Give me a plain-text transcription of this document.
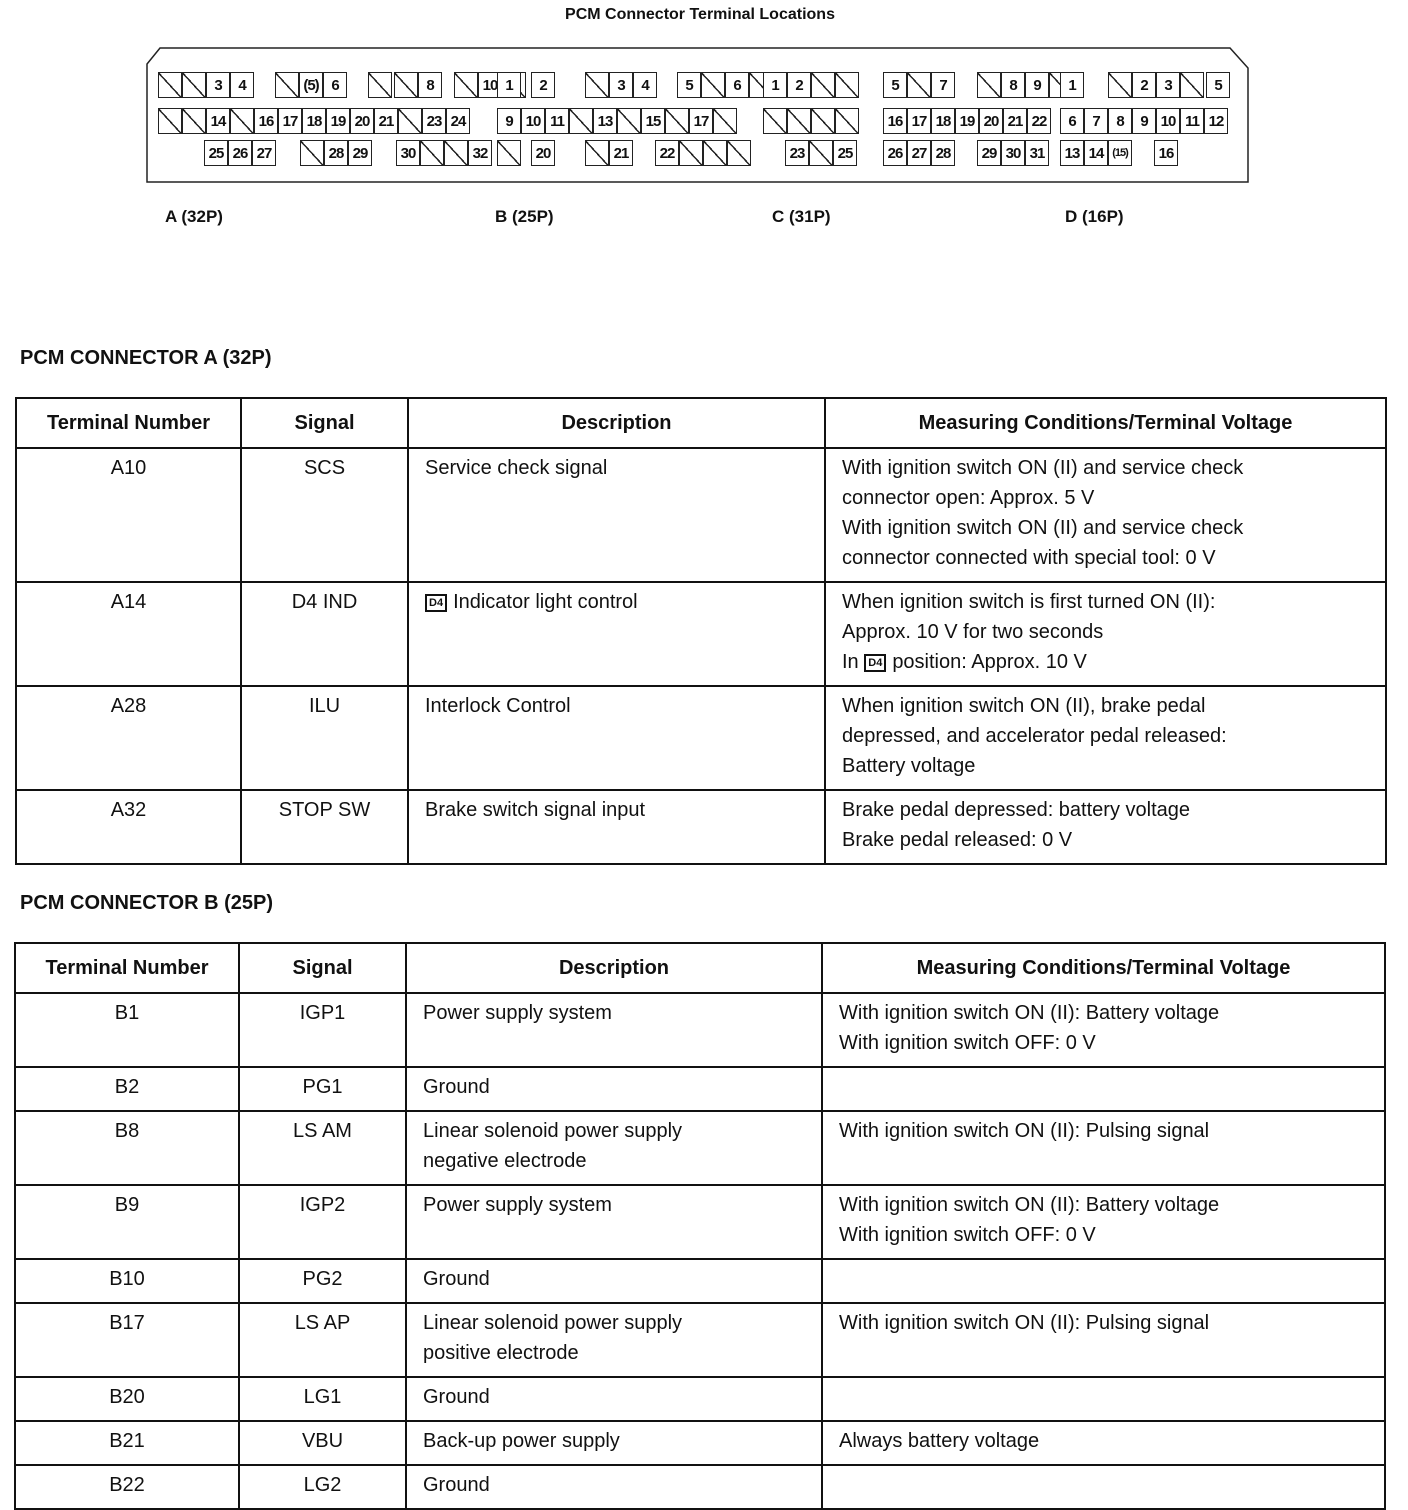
PCM Connector Terminal Locations
3	4	(5) 6	8	10
14	16 17 18 19 20 21	23 24
25 26 27	28 29	30	32
1	2	3	4	5	6
9 10 11	13	15	17
20	21	22
1	2	5	7	8	9
16 17 18 19 20 21 22
23	25	26 27 28	29 30 31
1	2	3	5
6	7	8	9 10 11 12
13 14 (15)	16
A (32P)	B (25P)	C (31P)	D (16P)
PCM CONNECTOR A (32P)
Terminal Number	Signal	Description	Measuring Conditions/Terminal Voltage
A10	SCS	Service check signal	With ignition switch ON (II) and service check
connector open: Approx. 5 V
With ignition switch ON (II) and service check
connector connected with special tool: 0 V

A14	D4 IND	D4 Indicator light control	When ignition switch is first turned ON (II):
Approx. 10 V for two seconds
In D4 position: Approx. 10 V

A28	ILU	Interlock Control	When ignition switch ON (II), brake pedal
depressed, and accelerator pedal released:
Battery voltage

A32	STOP SW	Brake switch signal input	Brake pedal depressed: battery voltage
Brake pedal released: 0 V
PCM CONNECTOR B (25P)
Terminal Number	Signal	Description	Measuring Conditions/Terminal Voltage
B1	IGP1	Power supply system	With ignition switch ON (II): Battery voltage
With ignition switch OFF: 0 V

B2	PG1	Ground	

B8	LS AM	Linear solenoid power supply
negative electrode	With ignition switch ON (II): Pulsing signal

B9	IGP2	Power supply system	With ignition switch ON (II): Battery voltage
With ignition switch OFF: 0 V

B10	PG2	Ground	

B17	LS AP	Linear solenoid power supply
positive electrode	With ignition switch ON (II): Pulsing signal

B20	LG1	Ground	

B21	VBU	Back-up power supply	Always battery voltage

B22	LG2	Ground	
